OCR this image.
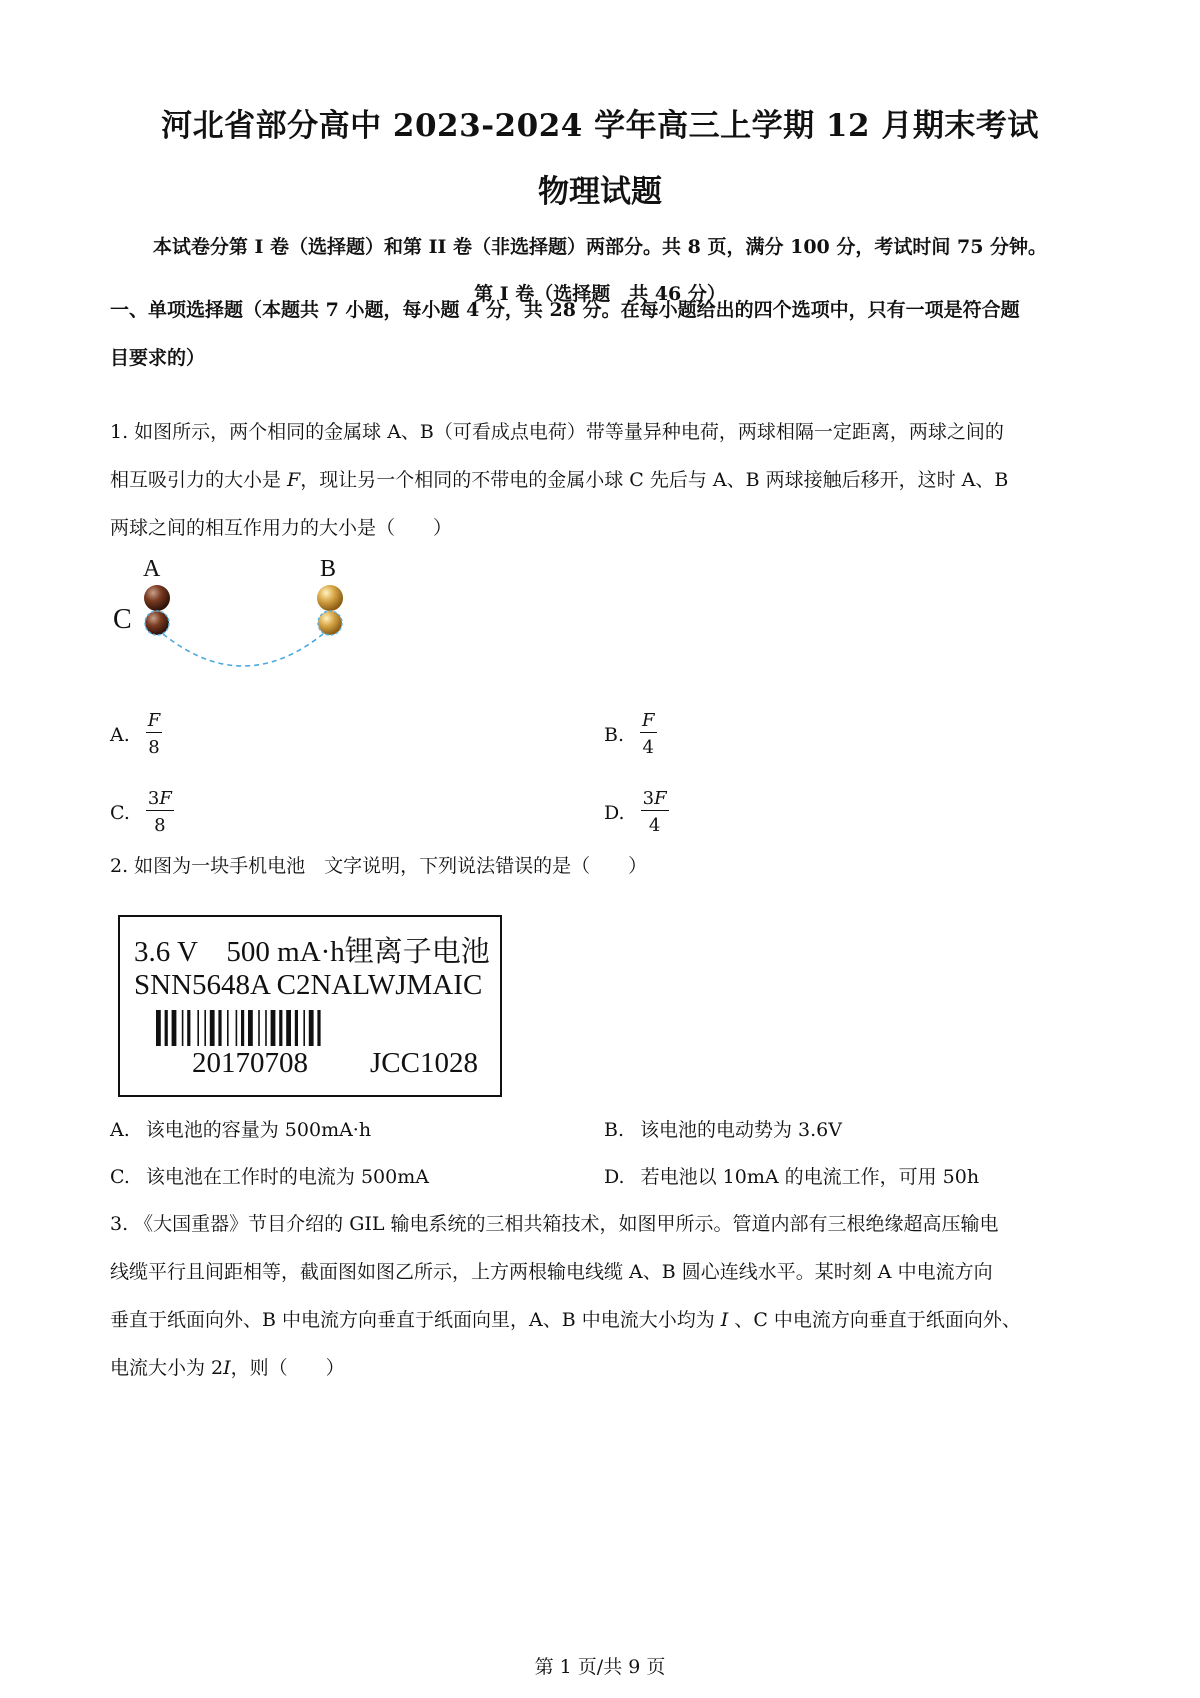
河北省部分高中 2023-2024 学年高三上学期 12 月期末考试
物理试题
本试卷分第 I 卷（选择题）和第 II 卷（非选择题）两部分。共 8 页，满分 100 分，考试时间 75 分钟。
第 I 卷（选择题　共 46 分）
一、单项选择题（本题共 7 小题，每小题 4 分，共 28 分。在每小题给出的四个选项中，只有一项是符合题
目要求的）
1. 如图所示，两个相同的金属球 A、B（可看成点电荷）带等量异种电荷，两球相隔一定距离，两球之间的
相互吸引力的大小是 F，现让另一个相同的不带电的金属小球 C 先后与 A、B 两球接触后移开，这时 A、B
两球之间的相互作用力的大小是（　　）
A	B
C
A. $\frac{F}{8}$	B. $\frac{F}{4}$
C. $\frac{3F}{8}$	D. $\frac{3F}{4}$
2. 如图为一块手机电池　文字说明，下列说法错误的是（　　）
3.6 V　500 mA·h锂离子电池
SNN5648A C2NALWJMAIC
20170708 JCC1028
A. 该电池的容量为 500mA·h	B. 该电池的电动势为 3.6V
C. 该电池在工作时的电流为 500mA	D. 若电池以 10mA 的电流工作，可用 50h
3. 《大国重器》节目介绍的 GIL 输电系统的三相共箱技术，如图甲所示。管道内部有三根绝缘超高压输电
线缆平行且间距相等，截面图如图乙所示，上方两根输电线缆 A、B 圆心连线水平。某时刻 A 中电流方向
垂直于纸面向外、B 中电流方向垂直于纸面向里，A、B 中电流大小均为 I 、C 中电流方向垂直于纸面向外、
电流大小为 2I，则（　　）
第 1 页/共 9 页
